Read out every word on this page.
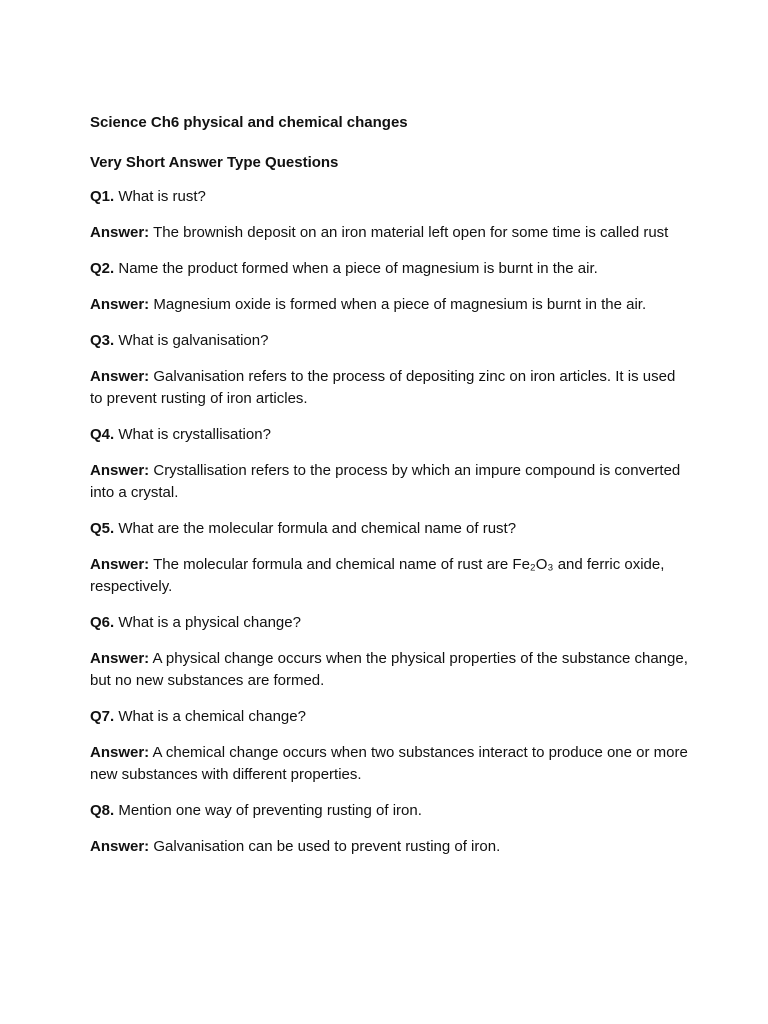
Science Ch6 physical and chemical changes
Very Short Answer Type Questions

Q1. What is rust?

Answer: The brownish deposit on an iron material left open for some time is called rust

Q2. Name the product formed when a piece of magnesium is burnt in the air.

Answer: Magnesium oxide is formed when a piece of magnesium is burnt in the air.

Q3. What is galvanisation?

Answer: Galvanisation refers to the process of depositing zinc on iron articles. It is used to prevent rusting of iron articles.

Q4. What is crystallisation?

Answer: Crystallisation refers to the process by which an impure compound is converted into a crystal.

Q5. What are the molecular formula and chemical name of rust?

Answer: The molecular formula and chemical name of rust are Fe₂O₃ and ferric oxide, respectively.

Q6. What is a physical change?

Answer: A physical change occurs when the physical properties of the substance change, but no new substances are formed.

Q7. What is a chemical change?

Answer: A chemical change occurs when two substances interact to produce one or more new substances with different properties.

Q8. Mention one way of preventing rusting of iron.

Answer: Galvanisation can be used to prevent rusting of iron.
